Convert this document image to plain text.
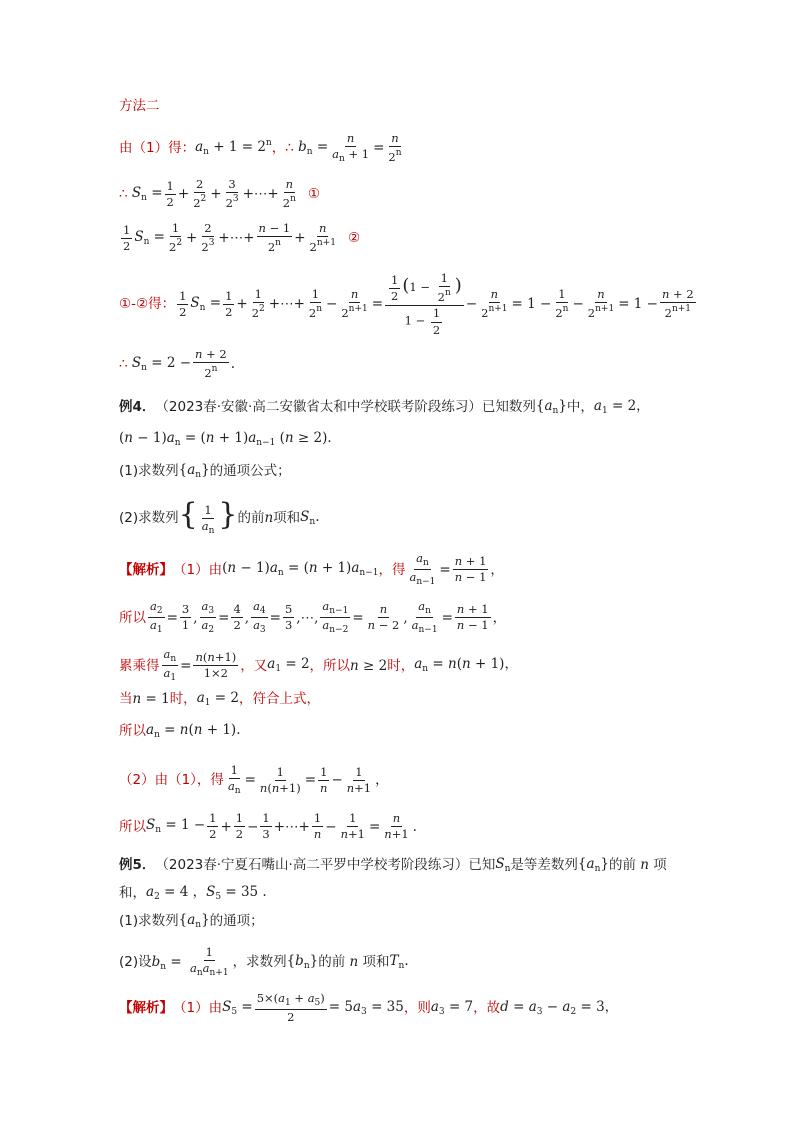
方法二
由（1）得： $a_n + 1 = 2^n$ ，∴ $b_n = \frac{n}{a_n + 1} = \frac{n}{2^n}$
∴ $S_n = \frac{1}{2}$ +
2
$2^2$ +
3
$2^3$ +⋯+
n
2$^n$ ①
1
2
$S_n = \frac{1}{2^2}$ +
2
$2^3$ +⋯+
n − 1
$2^n$ +
n
$2^{n+1}$ ②
①-②得：
1
2
$S_n = \frac{1}{2}$ +
1
$2^2$ +⋯+
1
$2^n$ −
n
$2^{n+1}$ =
$\frac{1}{2} (1 - \frac{1}{2^n}$ )
$1 - \frac{1}{2}$
−
n
$2^{n+1} = 1$ −
1
$2^n$ −
n
$2^{n+1} = 1$ −
n + 2
$2^{n+1}$
∴ $S_n = 2 - \frac{n + 2}{2^n}$ .
例4． （2023春·安徽·高二安徽省太和中学校联考阶段练习） 已知数列 $\{a_n\}$ 中， $a_1 = 2$，
$(n - 1)a_n = (n + 1)a_{n-1}$ (n ≥ 2).
(1)求数列 $\{a_n\}$ 的通项公式；
(2)求数列 { $\frac{1}{a_n}$ } 的前 n 项和 $S_n$.
【解析】 （1）由 $(n - 1)a_n = (n + 1)a_{n-1}$ ，得
$a_n$
$a_{n-1}$
=
n + 1
n − 1 ，
所以
$a_2$
$a_1$
=
3
1 ,
$a_3$
$a_2$
=
4
2 ,
$a_4$
$a_3$
=
5
3 ,⋯,
$a_{n-1}$
$a_{n-2}$
=
n
n − 2 ,
$a_n$
$a_{n-1}$
=
n + 1
n − 1 ，
累乘得
$a_n$
$a_1$
=
n(n+1)
1×2 ，又 $a_1 = 2$ ，所以 n ≥ 2 时， $a_n = n(n + 1)$，
当 n = 1 时， $a_1 = 2$ ，符合上式，
所以 $a_n = n(n + 1)$.
（2）由（1），得
1
$a_n$
=
1
n(n+1) =
1
n −
1
n+1 ，
所以 $S_n = 1 - \frac{1}{2}$ +
1
2 −
1
3 +⋯+
1
n −
1
n+1 =
n
n+1 .
例5． （2023春·宁夏石嘴山·高二平罗中学校考阶段练习） 已知 $S_n$ 是等差数列 $\{a_n\}$ 的前 n 项
和， $a_2 = 4$ ，$S_5 = 35$ .
(1)求数列 $\{a_n\}$ 的通项；
(2)设 $b_n$ =
1
$a_na_{n+1}$
，求数列 $\{b_n\}$ 的前 n 项和 $T_n$.
【解析】 （1）由 $S_5 = \frac{5\times(a_1 + a_5)}{2} = 5a_3 = 35$ ，则 $a_3 = 7$ ，故 $d = a_3 - a_2 = 3$，
